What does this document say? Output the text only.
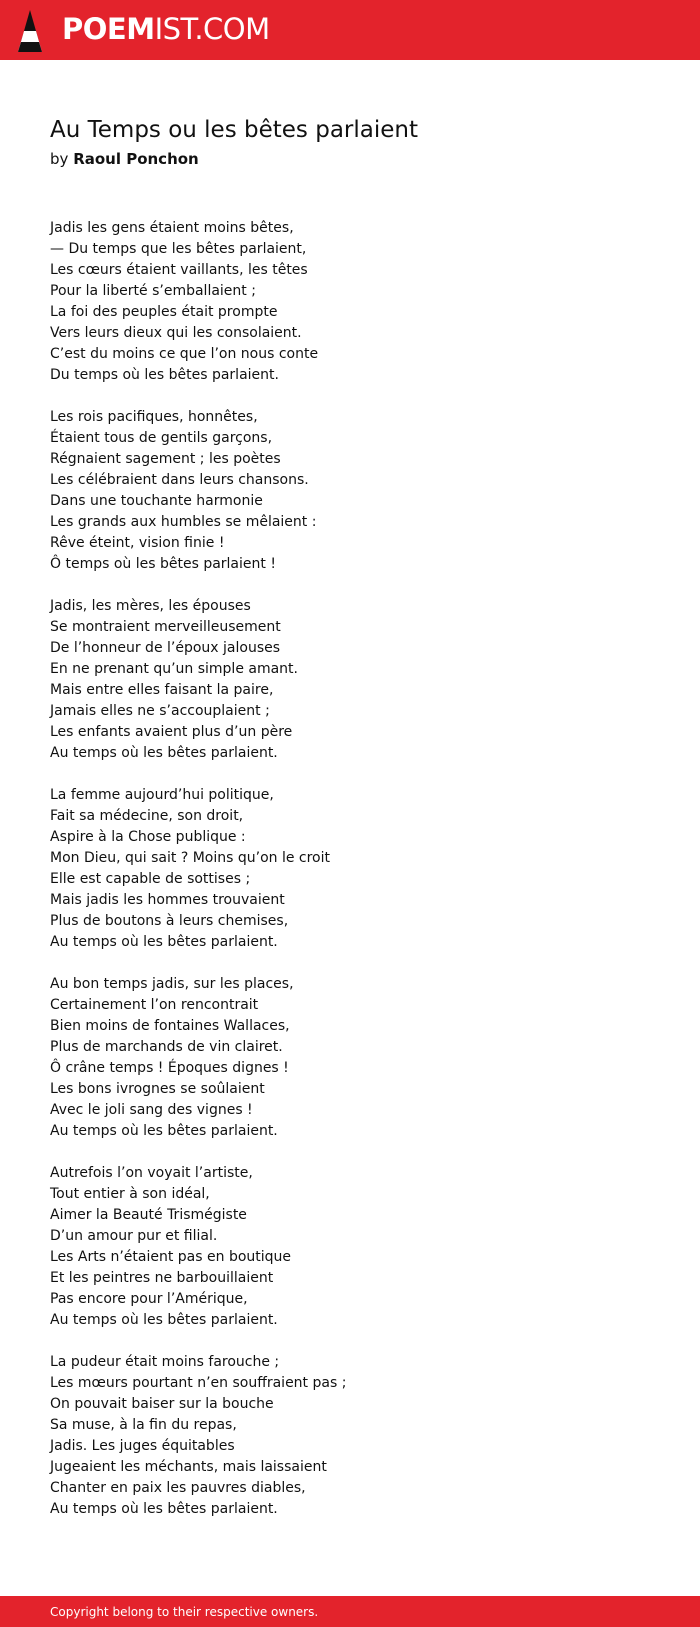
POEMIST.COM
Au Temps ou les bêtes parlaient
by Raoul Ponchon
Jadis les gens étaient moins bêtes,
— Du temps que les bêtes parlaient,
Les cœurs étaient vaillants, les têtes
Pour la liberté s’emballaient ;
La foi des peuples était prompte
Vers leurs dieux qui les consolaient.
C’est du moins ce que l’on nous conte
Du temps où les bêtes parlaient.
Les rois pacifiques, honnêtes,
Étaient tous de gentils garçons,
Régnaient sagement ; les poètes
Les célébraient dans leurs chansons.
Dans une touchante harmonie
Les grands aux humbles se mêlaient :
Rêve éteint, vision finie !
Ô temps où les bêtes parlaient !
Jadis, les mères, les épouses
Se montraient merveilleusement
De l’honneur de l’époux jalouses
En ne prenant qu’un simple amant.
Mais entre elles faisant la paire,
Jamais elles ne s’accouplaient ;
Les enfants avaient plus d’un père
Au temps où les bêtes parlaient.
La femme aujourd’hui politique,
Fait sa médecine, son droit,
Aspire à la Chose publique :
Mon Dieu, qui sait ? Moins qu’on le croit
Elle est capable de sottises ;
Mais jadis les hommes trouvaient
Plus de boutons à leurs chemises,
Au temps où les bêtes parlaient.
Au bon temps jadis, sur les places,
Certainement l’on rencontrait
Bien moins de fontaines Wallaces,
Plus de marchands de vin clairet.
Ô crâne temps ! Époques dignes !
Les bons ivrognes se soûlaient
Avec le joli sang des vignes !
Au temps où les bêtes parlaient.
Autrefois l’on voyait l’artiste,
Tout entier à son idéal,
Aimer la Beauté Trismégiste
D’un amour pur et filial.
Les Arts n’étaient pas en boutique
Et les peintres ne barbouillaient
Pas encore pour l’Amérique,
Au temps où les bêtes parlaient.
La pudeur était moins farouche ;
Les mœurs pourtant n’en souffraient pas ;
On pouvait baiser sur la bouche
Sa muse, à la fin du repas,
Jadis. Les juges équitables
Jugeaient les méchants, mais laissaient
Chanter en paix les pauvres diables,
Au temps où les bêtes parlaient.
Copyright belong to their respective owners.
